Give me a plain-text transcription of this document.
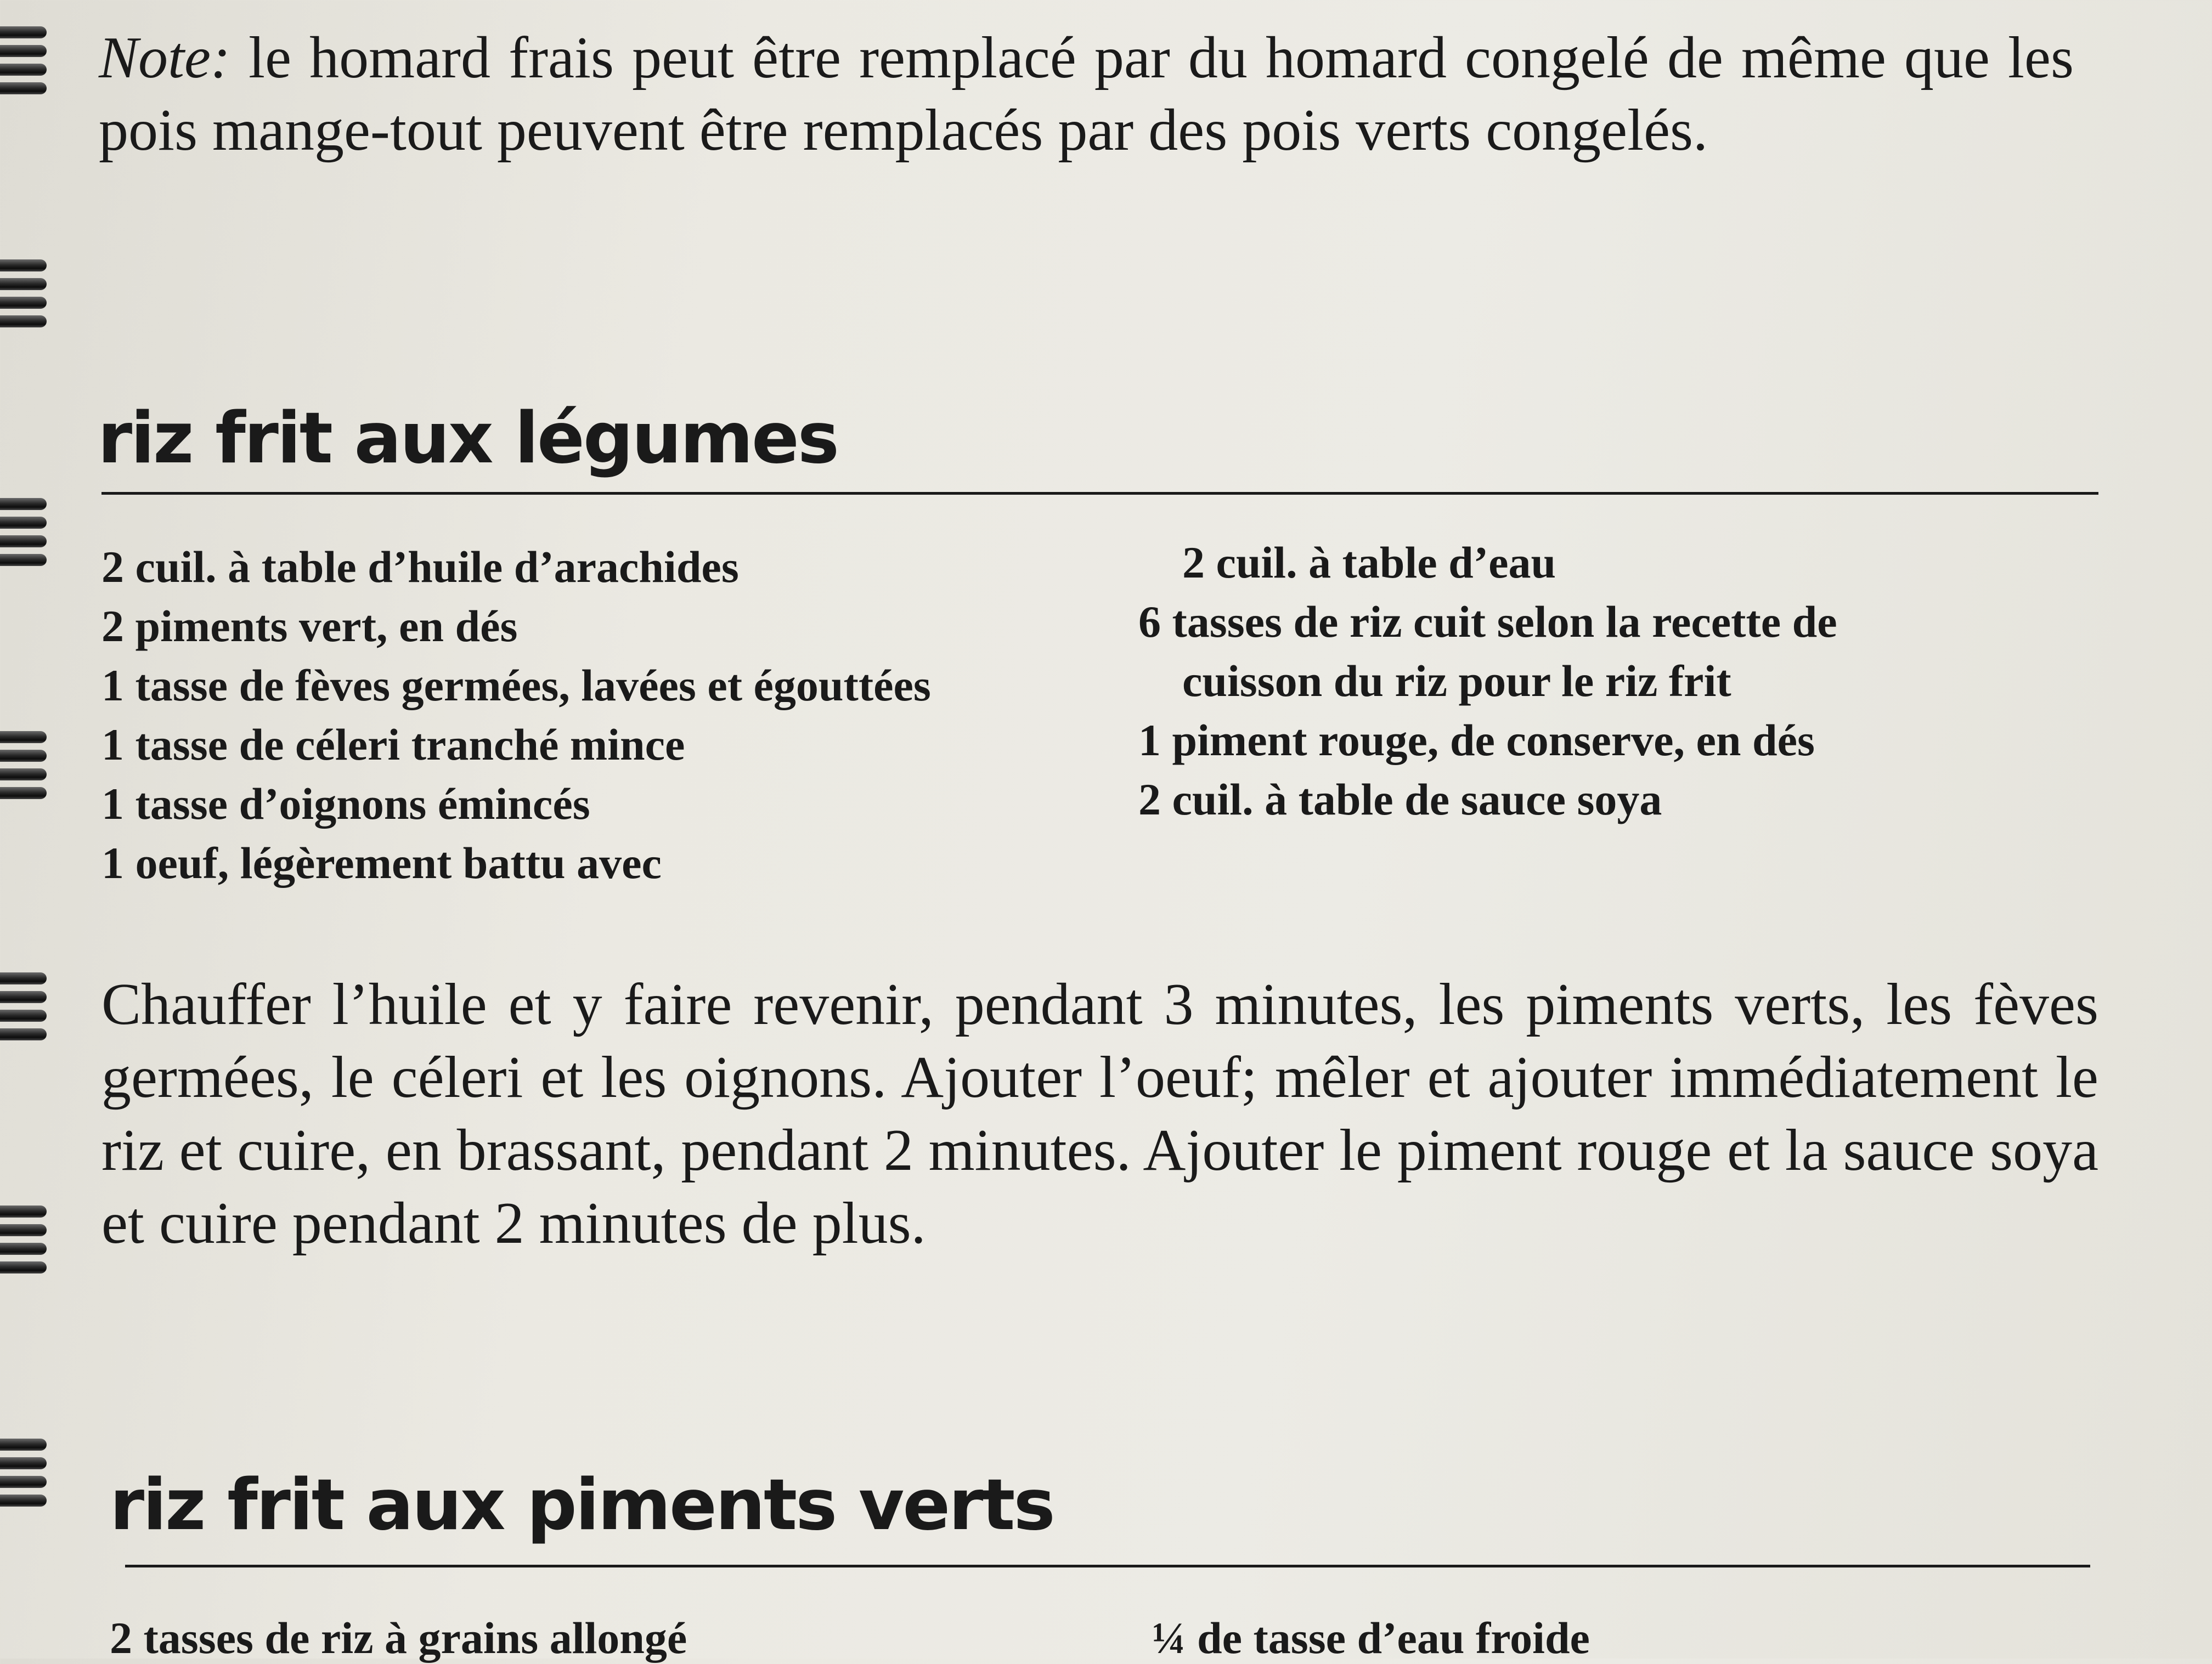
Note: le homard frais peut être remplacé par du homard congelé de même que les pois mange-tout peuvent être remplacés par des pois verts congelés.

riz frit aux légumes
2 cuil. à table d’huile d’arachides
2 piments vert, en dés
1 tasse de fèves germées, lavées et égouttées
1 tasse de céleri tranché mince
1 tasse d’oignons émincés
1 oeuf, légèrement battu avec
2 cuil. à table d’eau
6 tasses de riz cuit selon la recette de
cuisson du riz pour le riz frit
1 piment rouge, de conserve, en dés
2 cuil. à table de sauce soya

Chauffer l’huile et y faire revenir, pendant 3 minutes, les piments verts, les fèves germées, le céleri et les oignons. Ajouter l’oeuf; mêler et ajouter immédiatement le riz et cuire, en brassant, pendant 2 minutes. Ajouter le piment rouge et la sauce soya et cuire pendant 2 minutes de plus.

riz frit aux piments verts
2 tasses de riz à grains allongé	¼ de tasse d’eau froide
